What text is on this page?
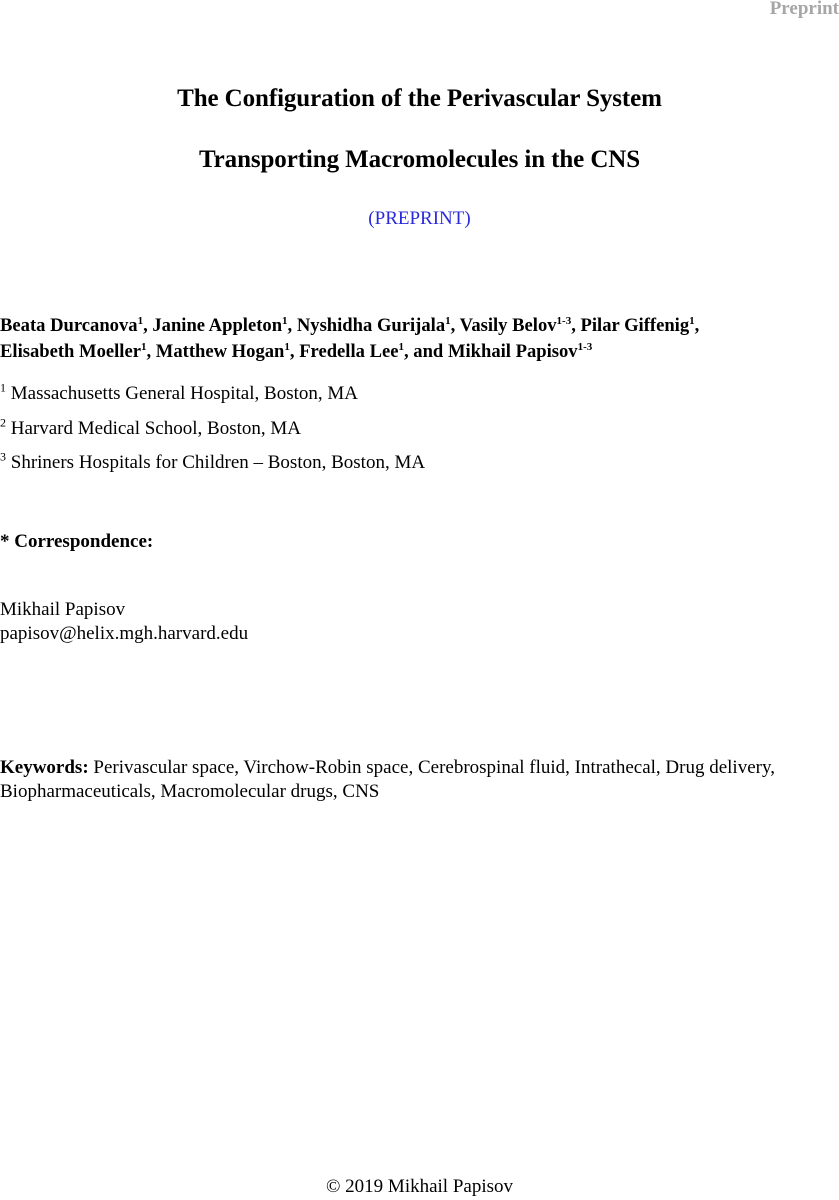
Preprint
The Configuration of the Perivascular System
Transporting Macromolecules in the CNS
(PREPRINT)
Beata Durcanova$^1$, Janine Appleton$^1$, Nyshidha Gurijala$^1$, Vasily Belov$^{1-3}$, Pilar Giffenig$^1$,
Elisabeth Moeller$^1$, Matthew Hogan$^1$, Fredella Lee$^1$, and Mikhail Papisov$^{1-3}$
$^1$ Massachusetts General Hospital, Boston, MA
$^2$ Harvard Medical School, Boston, MA
$^3$ Shriners Hospitals for Children – Boston, Boston, MA
* Correspondence:
Mikhail Papisov
papisov@helix.mgh.harvard.edu
Keywords: Perivascular space, Virchow-Robin space, Cerebrospinal fluid, Intrathecal, Drug delivery, Biopharmaceuticals, Macromolecular drugs, CNS
© 2019 Mikhail Papisov
